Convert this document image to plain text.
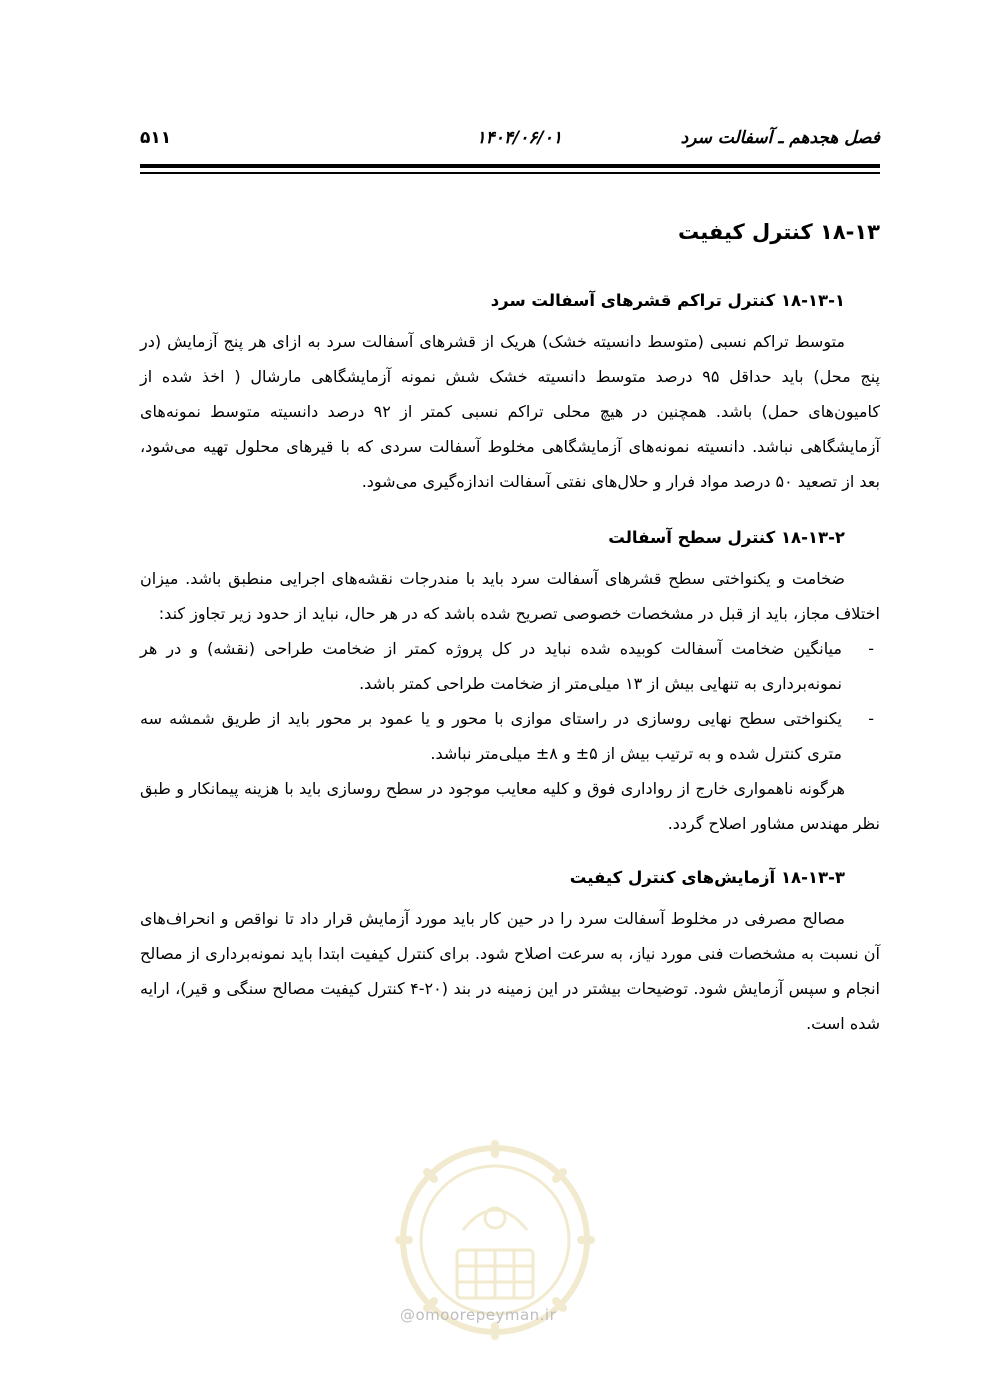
فصل هجدهم ـ آسفالت سرد
۱۴۰۴/۰۶/۰۱
۵۱۱
۱۸-۱۳ کنترل کیفیت
۱۸-۱۳-۱ کنترل تراکم قشرهای آسفالت سرد

متوسط تراکم نسبی (متوسط دانسیته خشک) هریک از قشرهای آسفالت سرد به ازای هر پنج آزمایش (در پنج محل) باید حداقل ۹۵ درصد متوسط دانسیته خشک شش نمونه آزمایشگاهی مارشال ( اخذ شده از کامیون‌های حمل) باشد. همچنین در هیچ محلی تراکم نسبی کمتر از ۹۲ درصد دانسیته متوسط نمونه‌های آزمایشگاهی نباشد. دانسیته نمونه‌های آزمایشگاهی مخلوط آسفالت سردی که با قیرهای محلول تهیه می‌شود، بعد از تصعید ۵۰ درصد مواد فرار و حلال‌های نفتی آسفالت اندازه‌گیری می‌شود.

۱۸-۱۳-۲ کنترل سطح آسفالت

ضخامت و یکنواختی سطح قشرهای آسفالت سرد باید با مندرجات نقشه‌های اجرایی منطبق باشد. میزان اختلاف مجاز، باید از قبل در مشخصات خصوصی تصریح شده باشد که در هر حال، نباید از حدود زیر تجاوز کند:

-
میانگین ضخامت آسفالت کوبیده شده نباید در کل پروژه کمتر از ضخامت طراحی (نقشه) و در هر نمونه‌برداری به تنهایی بیش از ۱۳ میلی‌متر از ضخامت طراحی کمتر باشد.

-
یکنواختی سطح نهایی روسازی در راستای موازی با محور و یا عمود بر محور باید از طریق شمشه سه متری کنترل شده و به ترتیب بیش از ۵± و ۸± میلی‌متر نباشد.

هرگونه ناهمواری خارج از رواداری فوق و کلیه معایب موجود در سطح روسازی باید با هزینه پیمانکار و طبق نظر مهندس مشاور اصلاح گردد.

۱۸-۱۳-۳ آزمایش‌های کنترل کیفیت

مصالح مصرفی در مخلوط آسفالت سرد را در حین کار باید مورد آزمایش قرار داد تا نواقص و انحراف‌های آن نسبت به مشخصات فنی مورد نیاز، به سرعت اصلاح شود. برای کنترل کیفیت ابتدا باید نمونه‌برداری از مصالح انجام و سپس آزمایش شود. توضیحات بیشتر در این زمینه در بند (۲۰-۴ کنترل کیفیت مصالح سنگی و قیر)، ارایه شده است.

@omoorepeyman.ir
